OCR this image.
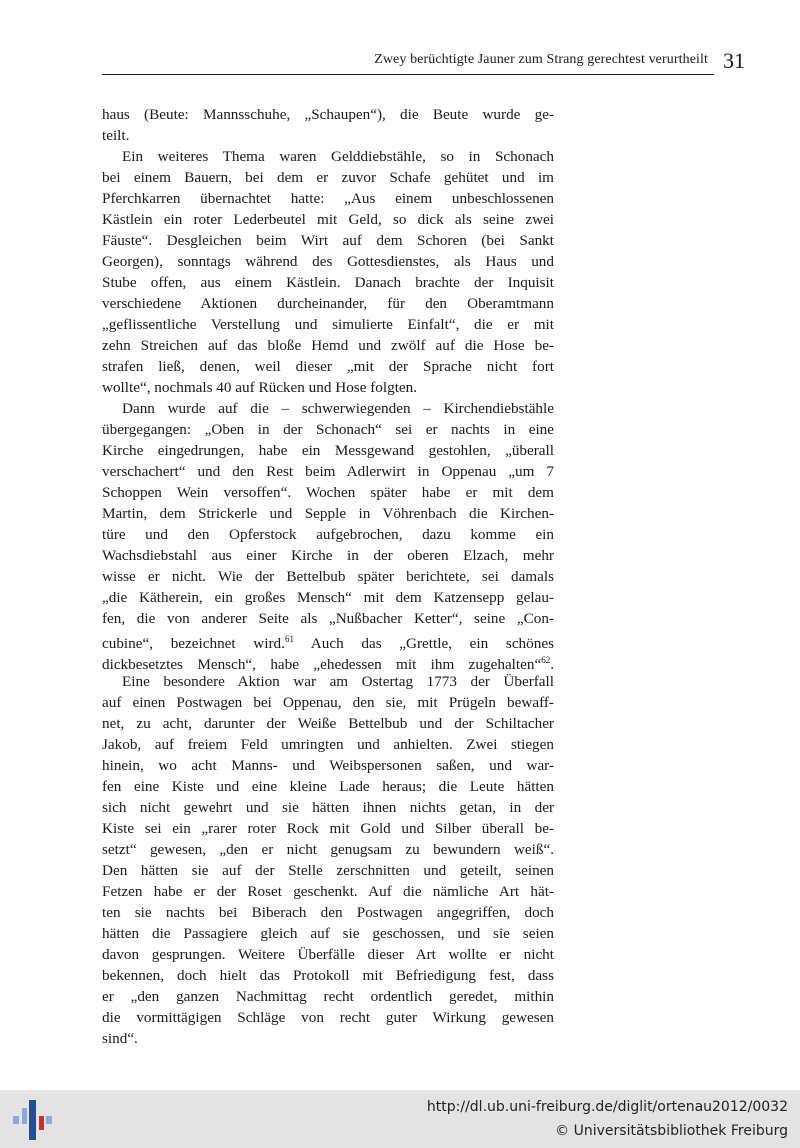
Zwey berüchtigte Jauner zum Strang gerechtest verurtheilt 31
haus (Beute: Mannsschuhe, „Schaupen“), die Beute wurde ge-
teilt.
Ein weiteres Thema waren Gelddiebstähle, so in Schonach
bei einem Bauern, bei dem er zuvor Schafe gehütet und im
Pferchkarren übernachtet hatte: „Aus einem unbeschlossenen
Kästlein ein roter Lederbeutel mit Geld, so dick als seine zwei
Fäuste“. Desgleichen beim Wirt auf dem Schoren (bei Sankt
Georgen), sonntags während des Gottesdienstes, als Haus und
Stube offen, aus einem Kästlein. Danach brachte der Inquisit
verschiedene Aktionen durcheinander, für den Oberamtmann
„geflissentliche Verstellung und simulierte Einfalt“, die er mit
zehn Streichen auf das bloße Hemd und zwölf auf die Hose be-
strafen ließ, denen, weil dieser „mit der Sprache nicht fort
wollte“, nochmals 40 auf Rücken und Hose folgten.
Dann wurde auf die – schwerwiegenden – Kirchendiebstähle
übergegangen: „Oben in der Schonach“ sei er nachts in eine
Kirche eingedrungen, habe ein Messgewand gestohlen, „überall
verschachert“ und den Rest beim Adlerwirt in Oppenau „um 7
Schoppen Wein versoffen“. Wochen später habe er mit dem
Martin, dem Strickerle und Sepple in Vöhrenbach die Kirchen-
türe und den Opferstock aufgebrochen, dazu komme ein
Wachsdiebstahl aus einer Kirche in der oberen Elzach, mehr
wisse er nicht. Wie der Bettelbub später berichtete, sei damals
„die Kätherein, ein großes Mensch“ mit dem Katzensepp gelau-
fen, die von anderer Seite als „Nußbacher Ketter“, seine „Con-
cubine“, bezeichnet wird.$^{61}$ Auch das „Grettle, ein schönes
dickbesetztes Mensch“, habe „ehedessen mit ihm zugehalten“$^{62}$.
Eine besondere Aktion war am Ostertag 1773 der Überfall
auf einen Postwagen bei Oppenau, den sie, mit Prügeln bewaff-
net, zu acht, darunter der Weiße Bettelbub und der Schiltacher
Jakob, auf freiem Feld umringten und anhielten. Zwei stiegen
hinein, wo acht Manns- und Weibspersonen saßen, und war-
fen eine Kiste und eine kleine Lade heraus; die Leute hätten
sich nicht gewehrt und sie hätten ihnen nichts getan, in der
Kiste sei ein „rarer roter Rock mit Gold und Silber überall be-
setzt“ gewesen, „den er nicht genugsam zu bewundern weiß“.
Den hätten sie auf der Stelle zerschnitten und geteilt, seinen
Fetzen habe er der Roset geschenkt. Auf die nämliche Art hät-
ten sie nachts bei Biberach den Postwagen angegriffen, doch
hätten die Passagiere gleich auf sie geschossen, und sie seien
davon gesprungen. Weitere Überfälle dieser Art wollte er nicht
bekennen, doch hielt das Protokoll mit Befriedigung fest, dass
er „den ganzen Nachmittag recht ordentlich geredet, mithin
die vormittägigen Schläge von recht guter Wirkung gewesen
sind“.
http://dl.ub.uni-freiburg.de/diglit/ortenau2012/0032
© Universitätsbibliothek Freiburg
